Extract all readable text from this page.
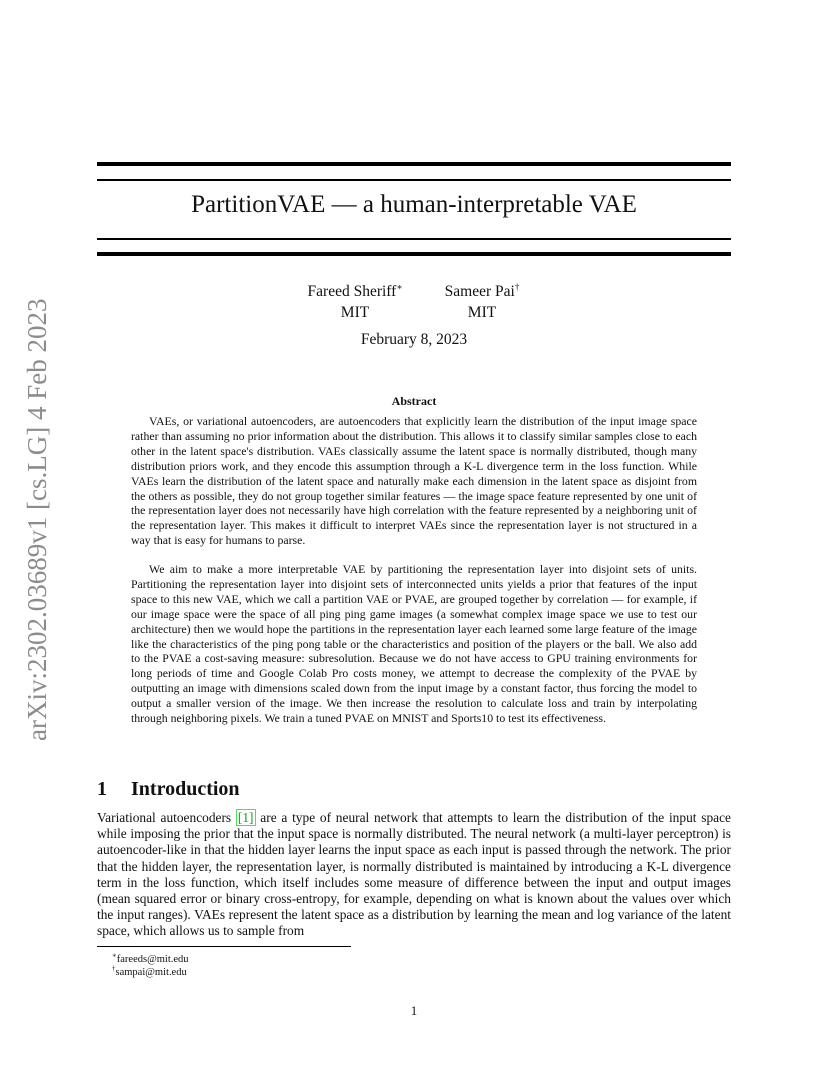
arXiv:2302.03689v1 [cs.LG] 4 Feb 2023
PartitionVAE — a human-interpretable VAE
Fareed Sheriff∗
MIT
Sameer Pai†
MIT
February 8, 2023
Abstract

VAEs, or variational autoencoders, are autoencoders that explicitly learn the distribution of the input image space rather than assuming no prior information about the distribution. This allows it to classify similar samples close to each other in the latent space's distribution. VAEs classically assume the latent space is normally distributed, though many distribution priors work, and they encode this assumption through a K-L divergence term in the loss function. While VAEs learn the distribution of the latent space and naturally make each dimension in the latent space as disjoint from the others as possible, they do not group together similar features — the image space feature represented by one unit of the representation layer does not necessarily have high correlation with the feature represented by a neighboring unit of the representation layer. This makes it difficult to interpret VAEs since the representation layer is not structured in a way that is easy for humans to parse.

We aim to make a more interpretable VAE by partitioning the representation layer into disjoint sets of units. Partitioning the representation layer into disjoint sets of interconnected units yields a prior that features of the input space to this new VAE, which we call a partition VAE or PVAE, are grouped together by correlation — for example, if our image space were the space of all ping ping game images (a somewhat complex image space we use to test our architecture) then we would hope the partitions in the representation layer each learned some large feature of the image like the characteristics of the ping pong table or the characteristics and position of the players or the ball. We also add to the PVAE a cost-saving measure: subresolution. Because we do not have access to GPU training environments for long periods of time and Google Colab Pro costs money, we attempt to decrease the complexity of the PVAE by outputting an image with dimensions scaled down from the input image by a constant factor, thus forcing the model to output a smaller version of the image. We then increase the resolution to calculate loss and train by interpolating through neighboring pixels. We train a tuned PVAE on MNIST and Sports10 to test its effectiveness.

1 Introduction

Variational autoencoders [1] are a type of neural network that attempts to learn the distribution of the input space while imposing the prior that the input space is normally distributed. The neural network (a multi-layer perceptron) is autoencoder-like in that the hidden layer learns the input space as each input is passed through the network. The prior that the hidden layer, the representation layer, is normally distributed is maintained by introducing a K-L divergence term in the loss function, which itself includes some measure of difference between the input and output images (mean squared error or binary cross-entropy, for example, depending on what is known about the values over which the input ranges). VAEs represent the latent space as a distribution by learning the mean and log variance of the latent space, which allows us to sample from

∗fareeds@mit.edu
†sampai@mit.edu
1
